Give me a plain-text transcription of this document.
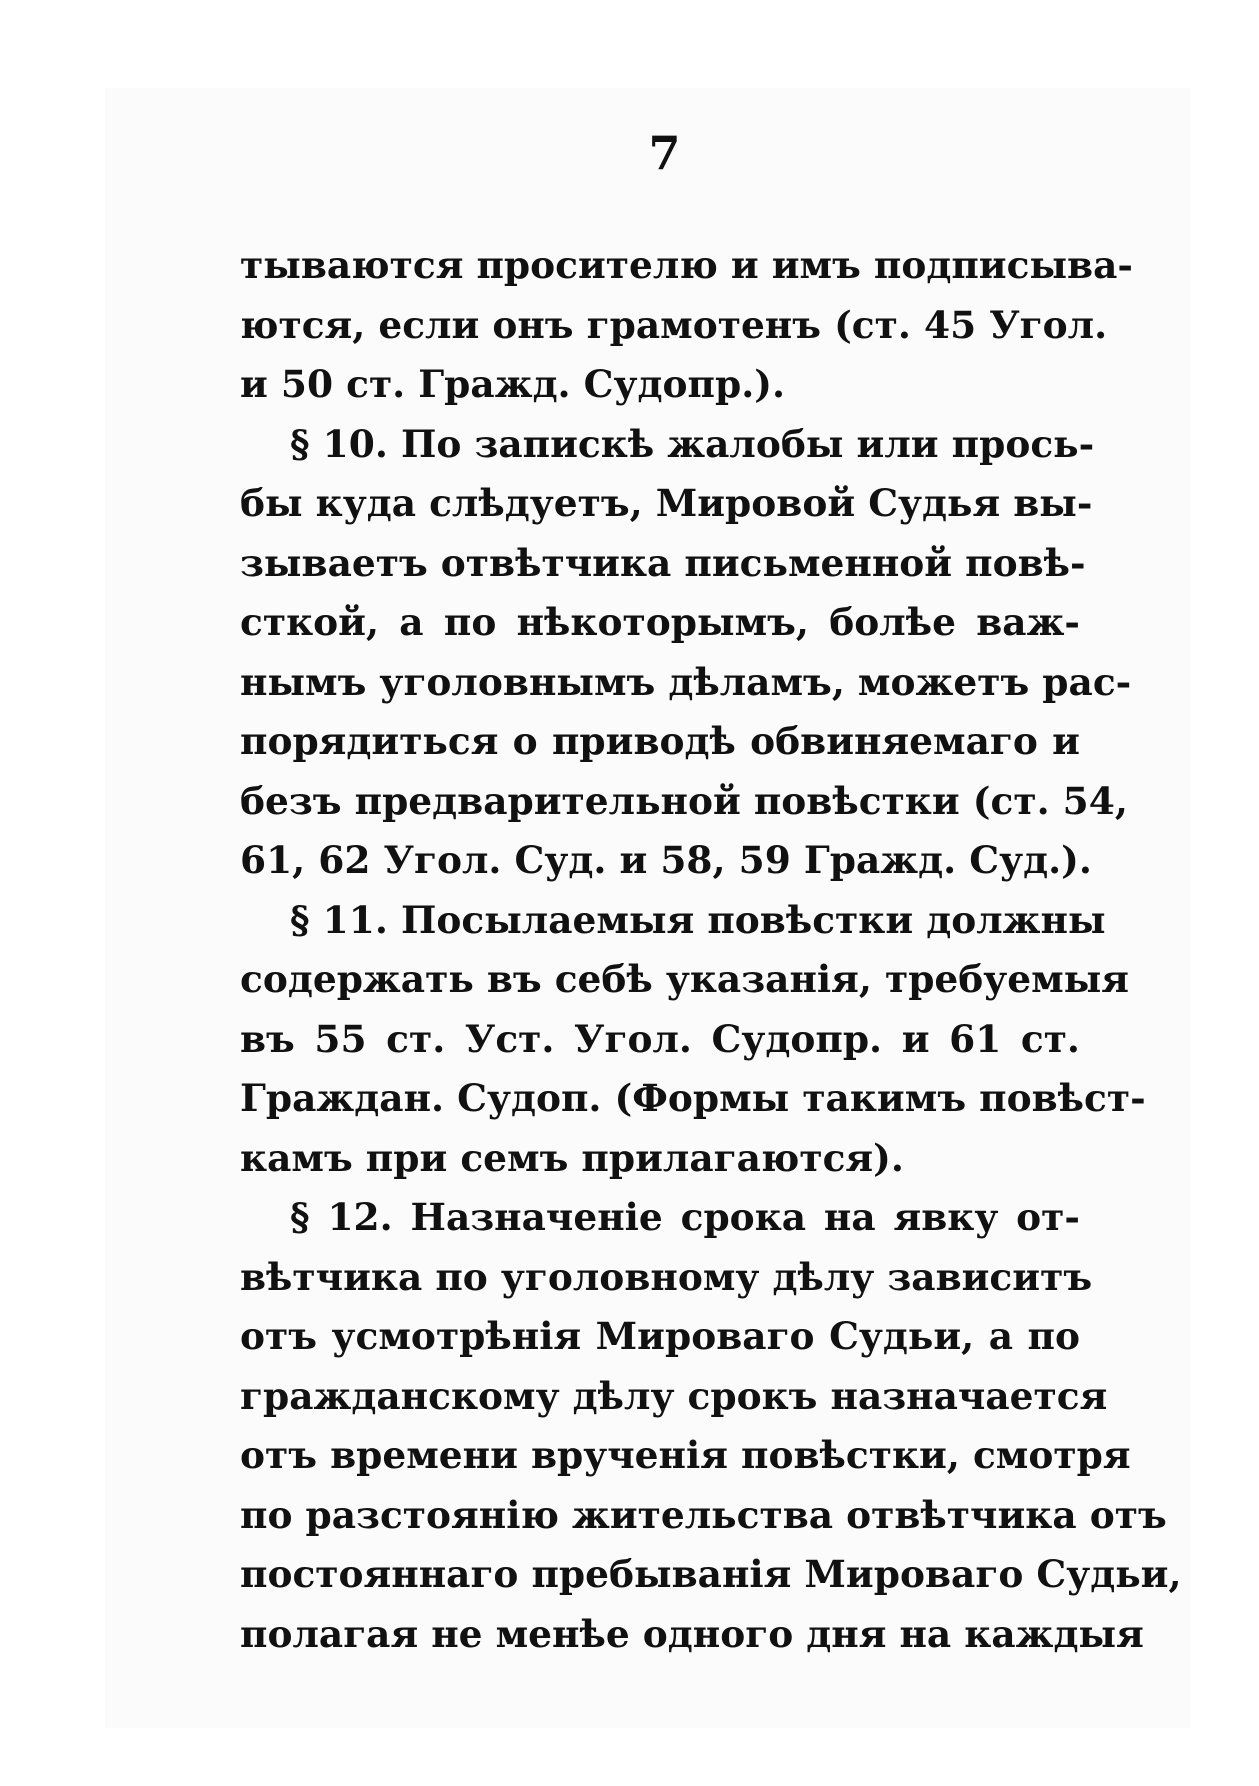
7
тываются просителю и имъ подписыва-
ются, если онъ грамотенъ (ст. 45 Угол.
и 50 ст. Гражд. Судопр.).
§ 10. По запискѣ жалобы или прось-
бы куда слѣдуетъ, Мировой Судья вы-
зываетъ отвѣтчика письменной повѣ-
сткой, а по нѣкоторымъ, болѣе важ-
нымъ уголовнымъ дѣламъ, можетъ рас-
порядиться о приводѣ обвиняемаго и
безъ предварительной повѣстки (ст. 54,
61, 62 Угол. Суд. и 58, 59 Гражд. Суд.).
§ 11. Посылаемыя повѣстки должны
содержать въ себѣ указанія, требуемыя
въ 55 ст. Уст. Угол. Судопр. и 61 ст.
Граждан. Судоп. (Формы такимъ повѣст-
камъ при семъ прилагаются).
§ 12. Назначеніе срока на явку от-
вѣтчика по уголовному дѣлу зависитъ
отъ усмотрѣнія Мироваго Судьи, а по
гражданскому дѣлу срокъ назначается
отъ времени врученія повѣстки, смотря
по разстоянію жительства отвѣтчика отъ
постояннаго пребыванія Мироваго Судьи,
полагая не менѣе одного дня на каждыя
